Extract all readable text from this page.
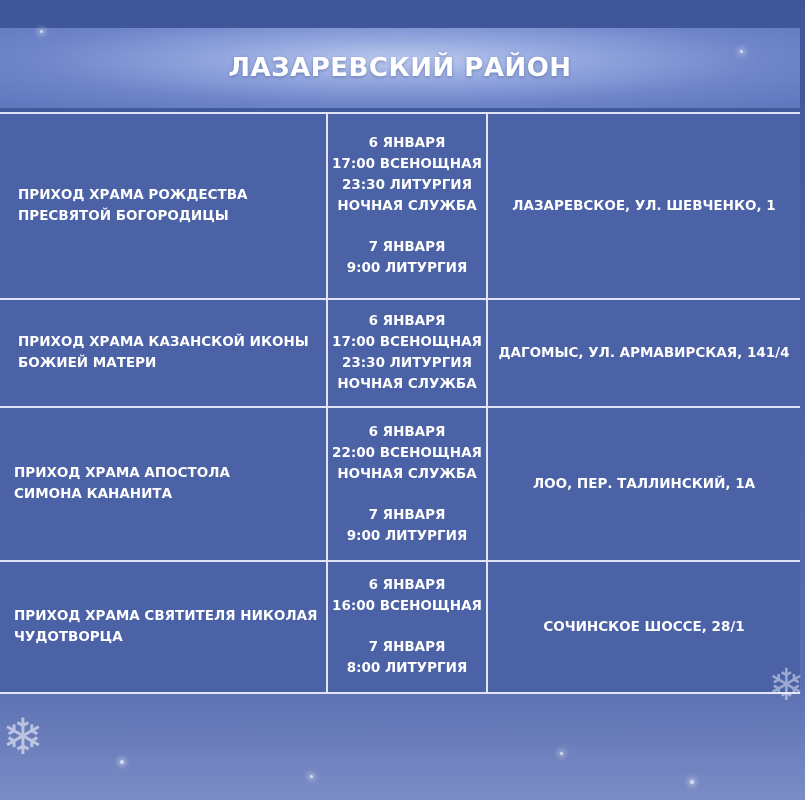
ЛАЗАРЕВСКИЙ РАЙОН
ПРИХОД ХРАМА РОЖДЕСТВА
ПРЕСВЯТОЙ БОГОРОДИЦЫ
6 ЯНВАРЯ
17:00 ВСЕНОЩНАЯ
23:30 ЛИТУРГИЯ
НОЧНАЯ СЛУЖБА
7 ЯНВАРЯ
9:00 ЛИТУРГИЯ
ЛАЗАРЕВСКОЕ, УЛ. ШЕВЧЕНКО, 1
ПРИХОД ХРАМА КАЗАНСКОЙ ИКОНЫ
БОЖИЕЙ МАТЕРИ
6 ЯНВАРЯ
17:00 ВСЕНОЩНАЯ
23:30 ЛИТУРГИЯ
НОЧНАЯ СЛУЖБА
ДАГОМЫС, УЛ. АРМАВИРСКАЯ, 141/4
ПРИХОД ХРАМА АПОСТОЛА
СИМОНА КАНАНИТА
6 ЯНВАРЯ
22:00 ВСЕНОЩНАЯ
НОЧНАЯ СЛУЖБА
7 ЯНВАРЯ
9:00 ЛИТУРГИЯ
ЛОО, ПЕР. ТАЛЛИНСКИЙ, 1А
ПРИХОД ХРАМА СВЯТИТЕЛЯ НИКОЛАЯ
ЧУДОТВОРЦА
6 ЯНВАРЯ
16:00 ВСЕНОЩНАЯ
7 ЯНВАРЯ
8:00 ЛИТУРГИЯ
СОЧИНСКОЕ ШОССЕ, 28/1
❄
❄
